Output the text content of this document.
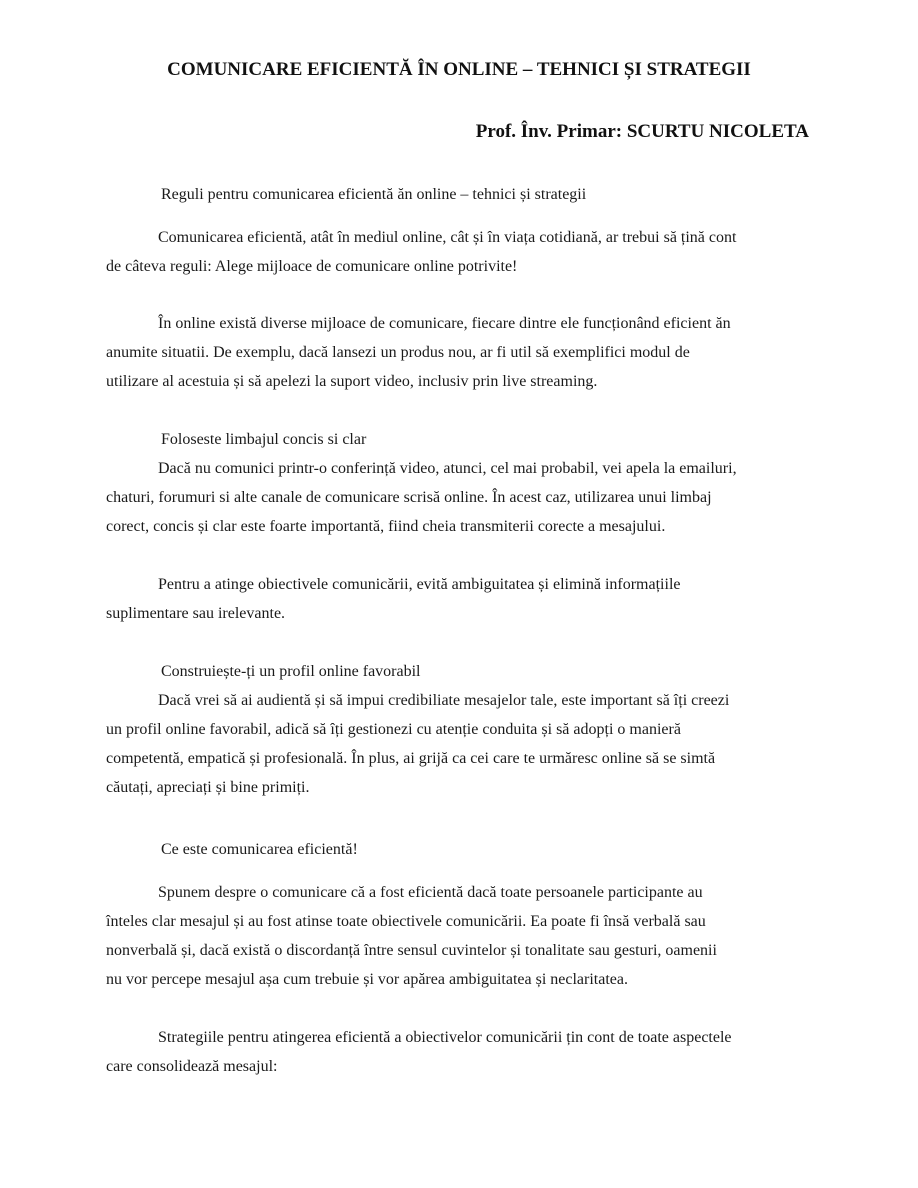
COMUNICARE EFICIENTĂ ÎN ONLINE – TEHNICI ȘI STRATEGII
Prof. Înv. Primar: SCURTU NICOLETA
Reguli pentru comunicarea eficientă ăn online – tehnici și strategii
Comunicarea eficientă, atât în mediul online, cât și în viața cotidiană, ar trebui să țină cont
de câteva reguli: Alege mijloace de comunicare online potrivite!
În online există diverse mijloace de comunicare, fiecare dintre ele funcționând eficient ăn
anumite situatii. De exemplu, dacă lansezi un produs nou, ar fi util să exemplifici modul de
utilizare al acestuia și să apelezi la suport video, inclusiv prin live streaming.
Foloseste limbajul concis si clar
Dacă nu comunici printr-o conferință video, atunci, cel mai probabil, vei apela la emailuri,
chaturi, forumuri si alte canale de comunicare scrisă online. În acest caz, utilizarea unui limbaj
corect, concis și clar este foarte importantă, fiind cheia transmiterii corecte a mesajului.
Pentru a atinge obiectivele comunicării, evită ambiguitatea și elimină informațiile
suplimentare sau irelevante.
Construiește-ți un profil online favorabil
Dacă vrei să ai audientă și să impui credibiliate mesajelor tale, este important să îți creezi
un profil online favorabil, adică să îți gestionezi cu atenție conduita și să adopți o manieră
competentă, empatică și profesională. În plus, ai grijă ca cei care te urmăresc online să se simtă
căutați, apreciați și bine primiți.
Ce este comunicarea eficientă!
Spunem despre o comunicare că a fost eficientă dacă toate persoanele participante au
înteles clar mesajul și au fost atinse toate obiectivele comunicării. Ea poate fi însă verbală sau
nonverbală și, dacă există o discordanță între sensul cuvintelor și tonalitate sau gesturi, oamenii
nu vor percepe mesajul așa cum trebuie și vor apărea ambiguitatea și neclaritatea.
Strategiile pentru atingerea eficientă a obiectivelor comunicării țin cont de toate aspectele
care consolidează mesajul:
